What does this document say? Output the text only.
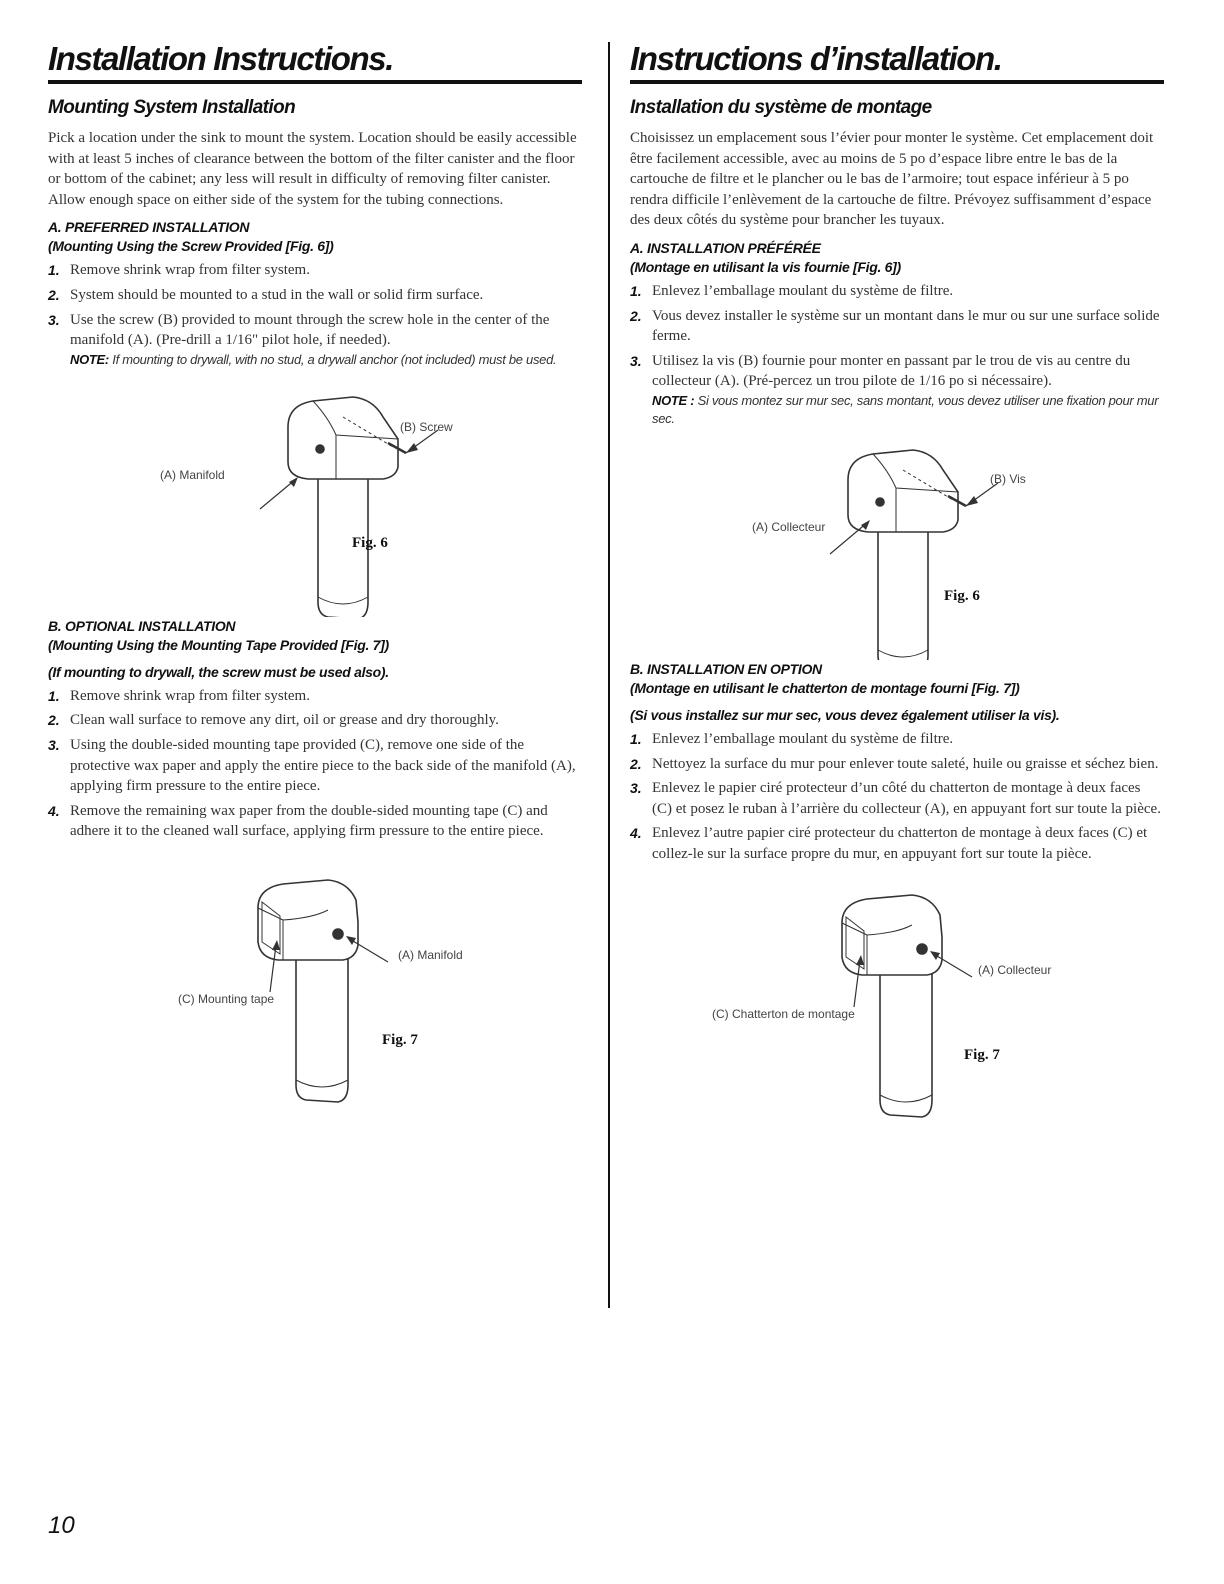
Installation Instructions.
Mounting System Installation

Pick a location under the sink to mount the system. Location should be easily accessible with at least 5 inches of clearance between the bottom of the filter canister and the floor or bottom of the cabinet; any less will result in difficulty of removing filter canister. Allow enough space on either side of the system for the tubing connections.

A. PREFERRED INSTALLATION

(Mounting Using the Screw Provided [Fig. 6])

1. Remove shrink wrap from filter system.
2. System should be mounted to a stud in the wall or solid firm surface.
3. Use the screw (B) provided to mount through the screw hole in the center of the manifold (A). (Pre-drill a 1/16" pilot hole, if needed).
NOTE: If mounting to drywall, with no stud, a drywall anchor (not included) must be used.
(B) Screw
(A) Manifold
Fig. 6

B. OPTIONAL INSTALLATION

(Mounting Using the Mounting Tape Provided [Fig. 7])

(If mounting to drywall, the screw must be used also).

1. Remove shrink wrap from filter system.
2. Clean wall surface to remove any dirt, oil or grease and dry thoroughly.
3. Using the double-sided mounting tape provided (C), remove one side of the protective wax paper and apply the entire piece to the back side of the manifold (A), applying firm pressure to the entire piece.
4. Remove the remaining wax paper from the double-sided mounting tape (C) and adhere it to the cleaned wall surface, applying firm pressure to the entire piece.
(A) Manifold
(C) Mounting tape
Fig. 7
Instructions d’installation.
Installation du système de montage

Choisissez un emplacement sous l’évier pour monter le système. Cet emplacement doit être facilement accessible, avec au moins de 5 po d’espace libre entre le bas de la cartouche de filtre et le plancher ou le bas de l’armoire; tout espace inférieur à 5 po rendra difficile l’enlèvement de la cartouche de filtre. Prévoyez suffisamment d’espace des deux côtés du système pour brancher les tuyaux.

A. INSTALLATION PRÉFÉRÉE

(Montage en utilisant la vis fournie [Fig. 6])

1. Enlevez l’emballage moulant du système de filtre.
2. Vous devez installer le système sur un montant dans le mur ou sur une surface solide ferme.
3. Utilisez la vis (B) fournie pour monter en passant par le trou de vis au centre du collecteur (A). (Pré-percez un trou pilote de 1/16 po si nécessaire).
NOTE : Si vous montez sur mur sec, sans montant, vous devez utiliser une fixation pour mur sec.
(B) Vis
(A) Collecteur
Fig. 6

B. INSTALLATION EN OPTION

(Montage en utilisant le chatterton de montage fourni [Fig. 7])

(Si vous installez sur mur sec, vous devez également utiliser la vis).

1. Enlevez l’emballage moulant du système de filtre.
2. Nettoyez la surface du mur pour enlever toute saleté, huile ou graisse et séchez bien.
3. Enlevez le papier ciré protecteur d’un côté du chatterton de montage à deux faces (C) et posez le ruban à l’arrière du collecteur (A), en appuyant fort sur toute la pièce.
4. Enlevez l’autre papier ciré protecteur du chatterton de montage à deux faces (C) et collez-le sur la surface propre du mur, en appuyant fort sur toute la pièce.
(A) Collecteur
(C) Chatterton de montage
Fig. 7
10
